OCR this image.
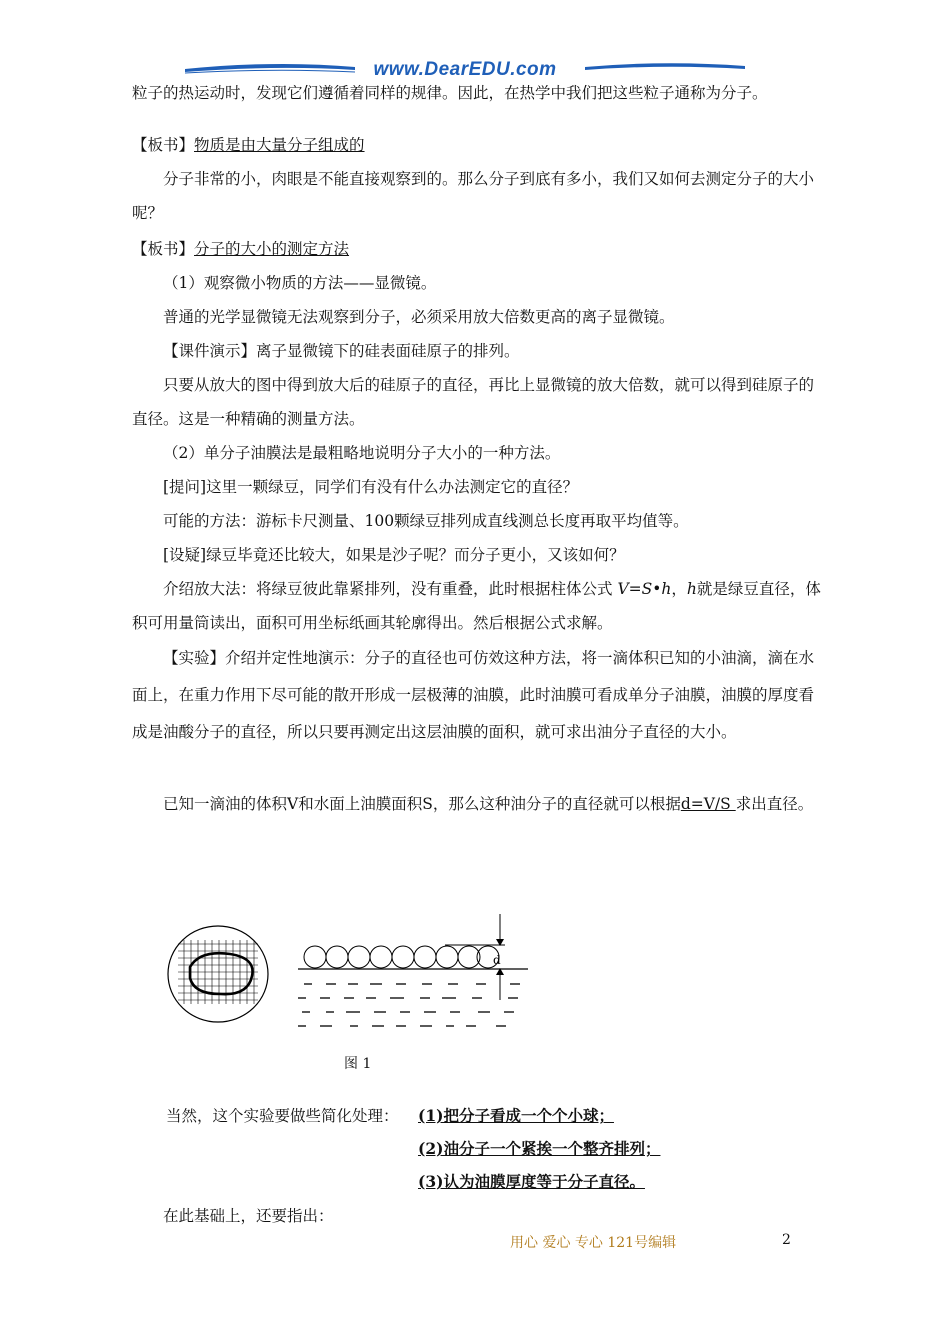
www.DearEDU.com

粒子的热运动时，发现它们遵循着同样的规律。因此，在热学中我们把这些粒子通称为分子。

【板书】物质是由大量分子组成的

分子非常的小，肉眼是不能直接观察到的。那么分子到底有多小，我们又如何去测定分子的大小呢？

【板书】分子的大小的测定方法

（1）观察微小物质的方法——显微镜。

普通的光学显微镜无法观察到分子，必须采用放大倍数更高的离子显微镜。

【课件演示】离子显微镜下的硅表面硅原子的排列。

只要从放大的图中得到放大后的硅原子的直径，再比上显微镜的放大倍数，就可以得到硅原子的直径。这是一种精确的测量方法。

（2）单分子油膜法是最粗略地说明分子大小的一种方法。

[提问]这里一颗绿豆，同学们有没有什么办法测定它的直径？

可能的方法：游标卡尺测量、100颗绿豆排列成直线测总长度再取平均值等。

[设疑]绿豆毕竟还比较大，如果是沙子呢？而分子更小，又该如何？

介绍放大法：将绿豆彼此靠紧排列，没有重叠，此时根据柱体公式 V=S•h，h就是绿豆直径，体积可用量筒读出，面积可用坐标纸画其轮廓得出。然后根据公式求解。

【实验】介绍并定性地演示：分子的直径也可仿效这种方法，将一滴体积已知的小油滴，滴在水面上，在重力作用下尽可能的散开形成一层极薄的油膜，此时油膜可看成单分子油膜，油膜的厚度看成是油酸分子的直径，所以只要再测定出这层油膜的面积，就可求出油分子直径的大小。

已知一滴油的体积V和水面上油膜面积S，那么这种油分子的直径就可以根据d=V/S 求出直径。

d
图 1
当然，这个实验要做些简化处理： (1)把分子看成一个个小球；
(2)油分子一个紧挨一个整齐排列；
(3)认为油膜厚度等于分子直径。
在此基础上，还要指出：
用心 爱心 专心 121号编辑	2
